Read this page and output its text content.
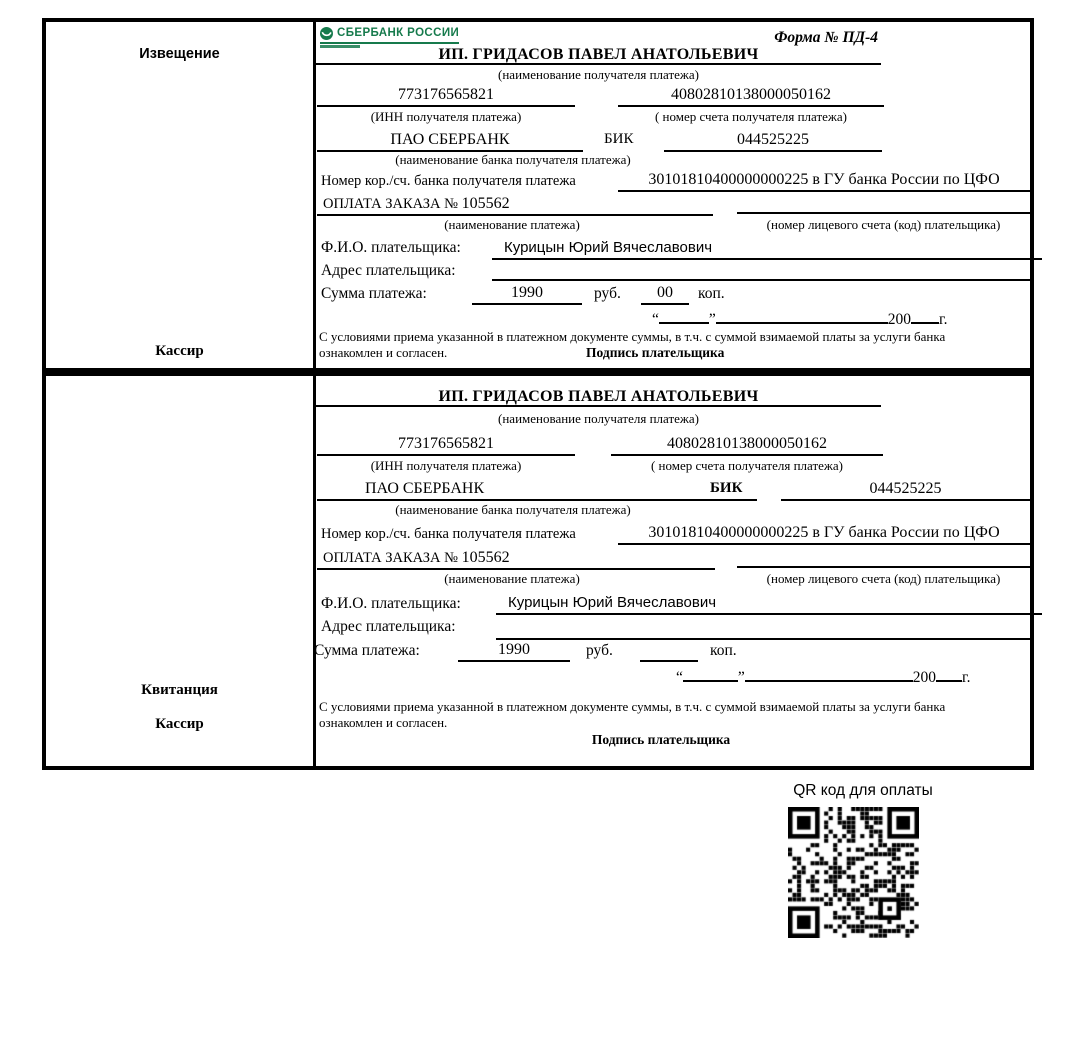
Извещение
Кассир
СБЕРБАНК РОССИИ	Форма № ПД-4
ИП. ГРИДАСОВ ПАВЕЛ АНАТОЛЬЕВИЧ
(наименование получателя платежа)
773176565821	40802810138000050162
(ИНН получателя платежа)	( номер счета получателя платежа)
ПАО СБЕРБАНК	БИК	044525225
(наименование банка получателя платежа)
Номер кор./сч. банка получателя платежа	30101810400000000225 в ГУ банка России по ЦФО
ОПЛАТА ЗАКАЗА № 105562
(наименование платежа)	(номер лицевого счета (код) плательщика)
Ф.И.О. плательщика:	Курицын Юрий Вячеславович
Адрес плательщика:
Сумма платежа:	1990	руб.	00	коп.
“	”	200 г.
С условиями приема указанной в платежном документе суммы, в т.ч. с суммой взимаемой платы за услуги банка
ознакомлен и согласен.	Подпись плательщика
Квитанция
Кассир
ИП. ГРИДАСОВ ПАВЕЛ АНАТОЛЬЕВИЧ
(наименование получателя платежа)
773176565821	40802810138000050162
(ИНН получателя платежа)	( номер счета получателя платежа)
ПАО СБЕРБАНК	БИК	044525225
(наименование банка получателя платежа)
Номер кор./сч. банка получателя платежа	30101810400000000225 в ГУ банка России по ЦФО
ОПЛАТА ЗАКАЗА № 105562
(наименование платежа)	(номер лицевого счета (код) плательщика)
Ф.И.О. плательщика:	Курицын Юрий Вячеславович
Адрес плательщика:
Сумма платежа:	1990	руб.	коп.
“	”	200 г.
С условиями приема указанной в платежном документе суммы, в т.ч. с суммой взимаемой платы за услуги банка
ознакомлен и согласен.
Подпись плательщика
QR код для оплаты
